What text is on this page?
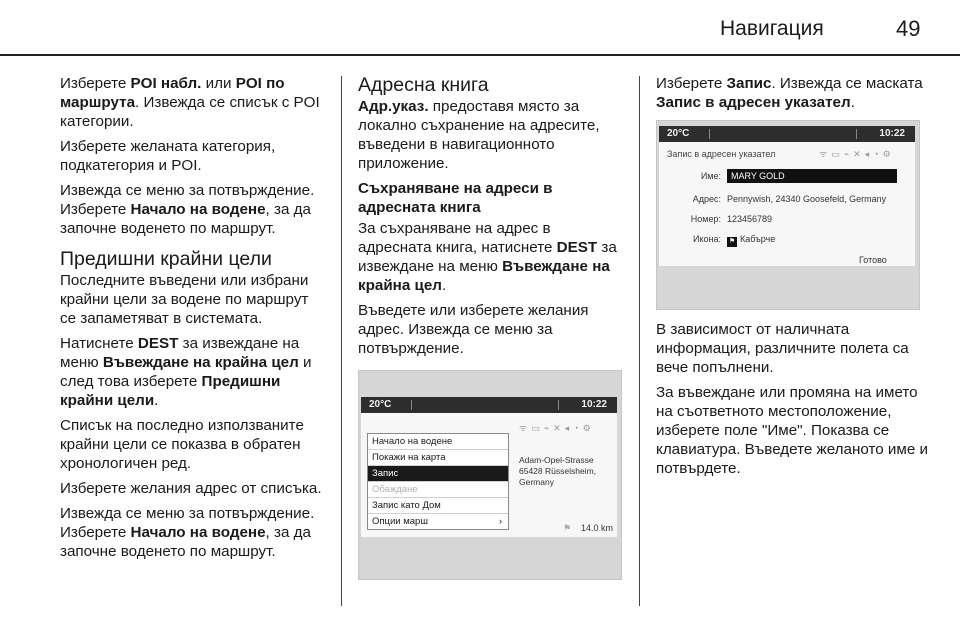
Навигация	49

Изберете POI набл. или POI по маршрута. Извежда се списък с POI категории.

Изберете желаната категория, подкатегория и POI.

Извежда се меню за потвърждение. Изберете Начало на водене, за да започне воденето по маршрут.

Предишни крайни цели

Последните въведени или избрани крайни цели за водене по маршрут се запаметяват в системата.

Натиснете DEST за извеждане на меню Въвеждане на крайна цел и след това изберете Предишни крайни цели.

Списък на последно използваните крайни цели се показва в обратен хронологичен ред.

Изберете желания адрес от списъка.

Извежда се меню за потвърждение. Изберете Начало на водене, за да започне воденето по маршрут.

Адресна книга

Адр.указ. предоставя място за локално съхранение на адресите, въведени в навигационното приложение.

Съхраняване на адреси в адресната книга

За съхраняване на адрес в адресната книга, натиснете DEST за извеждане на меню Въвеждане на крайна цел.

Въведете или изберете желания адрес. Извежда се меню за потвърждение.

20°C	10:22
ᯤ▭⌁✕◂◔⚙
Начало на водене
Покажи на карта
Запис
Обаждане
Запис като Дом
Опции марш	›
Adam-Opel-Strasse
65428 Rüsselsheim, Germany
14.0 km
⚑

Изберете Запис. Извежда се маската Запис в адресен указател.

20°C	10:22
Запис в адресен указател	ᯤ▭⌁✕◂◔⚙
Име:	MARY GOLD
Адрес: Pennywish, 24340 Goosefeld, Germany
Номер: 123456789
Икона: ⚑ Кабърче
Готово

В зависимост от наличната информация, различните полета са вече попълнени.

За въвеждане или промяна на името на съответното местоположение, изберете поле "Име". Показва се клавиатура. Въведете желаното име и потвърдете.
